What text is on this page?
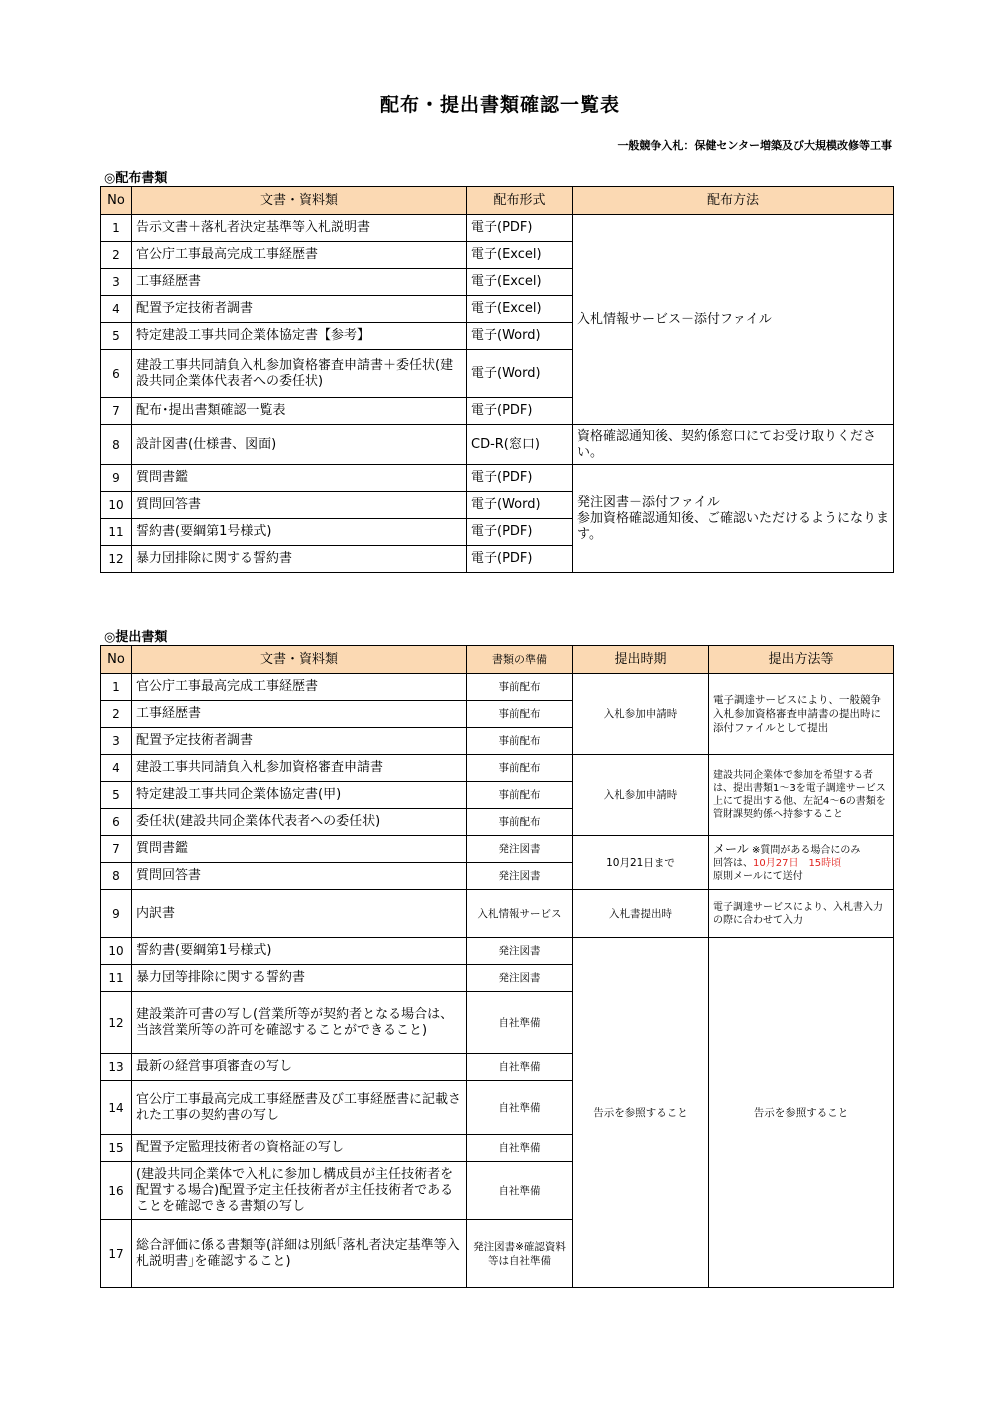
配布・提出書類確認一覧表
一般競争入札：保健センター増築及び大規模改修等工事
◎配布書類
No	文書・資料類	配布形式	配布方法
1	告示文書＋落札者決定基準等入札説明書	電子(PDF)	入札情報サービス－添付ファイル
2	官公庁工事最高完成工事経歴書	電子(Excel)	
3	工事経歴書	電子(Excel)	
4	配置予定技術者調書	電子(Excel)	
5	特定建設工事共同企業体協定書【参考】	電子(Word)	
6	建設工事共同請負入札参加資格審査申請書＋委任状(建設共同企業体代表者への委任状)	電子(Word)	
7	配布･提出書類確認一覧表	電子(PDF)	
8	設計図書(仕様書、図面)	CD-R(窓口)	資格確認通知後、契約係窓口にてお受け取りください。
9	質問書鑑	電子(PDF)	発注図書－添付ファイル
参加資格確認通知後、ご確認いただけるようになります。

10	質問回答書	電子(Word)	
11	誓約書(要綱第1号様式)	電子(PDF)	
12	暴力団排除に関する誓約書	電子(PDF)	
◎提出書類
No	文書・資料類	書類の準備	提出時期	提出方法等
1	官公庁工事最高完成工事経歴書	事前配布	入札参加申請時	電子調達サービスにより、一般競争入札参加資格審査申請書の提出時に添付ファイルとして提出
2	工事経歴書	事前配布		
3	配置予定技術者調書	事前配布		
4	建設工事共同請負入札参加資格審査申請書	事前配布	入札参加申請時	建設共同企業体で参加を希望する者は、提出書類1～3を電子調達サービス上にて提出する他、左記4～6の書類を管財課契約係へ持参すること
5	特定建設工事共同企業体協定書(甲)	事前配布		
6	委任状(建設共同企業体代表者への委任状)	事前配布		
7	質問書鑑	発注図書	10月21日まで	メール ※質問がある場合にのみ
回答は、10月27日　15時頃
原則メールにて送付

8	質問回答書	発注図書		
9	内訳書	入札情報サービス	入札書提出時	電子調達サービスにより、入札書入力の際に合わせて入力
10	誓約書(要綱第1号様式)	発注図書	告示を参照すること	告示を参照すること
11	暴力団等排除に関する誓約書	発注図書		
12	建設業許可書の写し(営業所等が契約者となる場合は、当該営業所等の許可を確認することができること)	自社準備		
13	最新の経営事項審査の写し	自社準備		
14	官公庁工事最高完成工事経歴書及び工事経歴書に記載された工事の契約書の写し	自社準備		
15	配置予定監理技術者の資格証の写し	自社準備		
16	(建設共同企業体で入札に参加し構成員が主任技術者を配置する場合)配置予定主任技術者が主任技術者であることを確認できる書類の写し	自社準備		
17	総合評価に係る書類等(詳細は別紙｢落札者決定基準等入札説明書｣を確認すること)	発注図書※確認資料等は自社準備		
